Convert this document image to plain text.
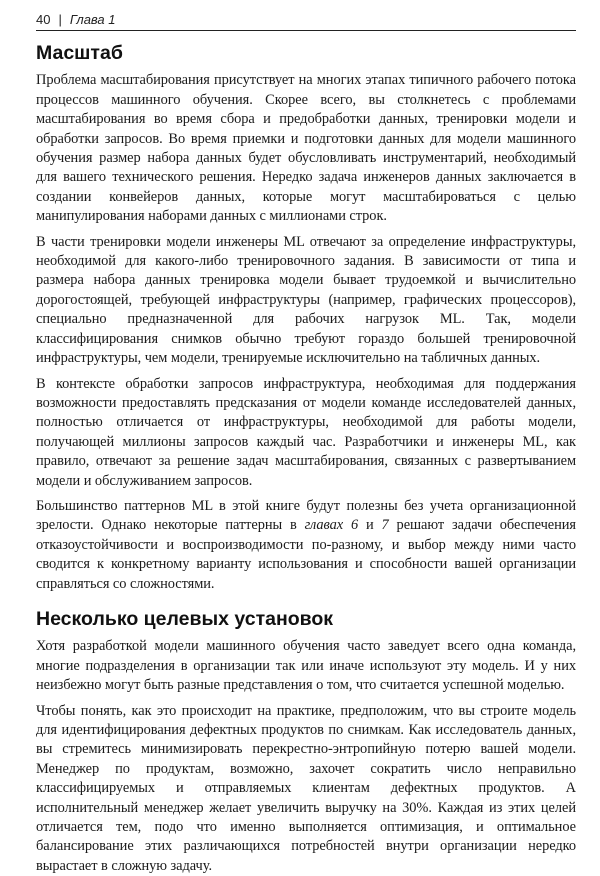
40 | Глава 1
Масштаб

Проблема масштабирования присутствует на многих этапах типичного рабочего потока процессов машинного обучения. Скорее всего, вы столкнетесь с проблемами масштабирования во время сбора и предобработки данных, тренировки модели и обработки запросов. Во время приемки и подготовки данных для модели машинного обучения размер набора данных будет обусловливать инструментарий, необходимый для вашего технического решения. Нередко задача инженеров данных заключается в создании конвейеров данных, которые могут масштабироваться с целью манипулирования наборами данных с миллионами строк.

В части тренировки модели инженеры ML отвечают за определение инфраструктуры, необходимой для какого-либо тренировочного задания. В зависимости от типа и размера набора данных тренировка модели бывает трудоемкой и вычислительно дорогостоящей, требующей инфраструктуры (например, графических процессоров), специально предназначенной для рабочих нагрузок ML. Так, модели классифицирования снимков обычно требуют гораздо большей тренировочной инфраструктуры, чем модели, тренируемые исключительно на табличных данных.

В контексте обработки запросов инфраструктура, необходимая для поддержания возможности предоставлять предсказания от модели команде исследователей данных, полностью отличается от инфраструктуры, необходимой для работы модели, получающей миллионы запросов каждый час. Разработчики и инженеры ML, как правило, отвечают за решение задач масштабирования, связанных с развертыванием модели и обслуживанием запросов.

Большинство паттернов ML в этой книге будут полезны без учета организационной зрелости. Однако некоторые паттерны в главах 6 и 7 решают задачи обеспечения отказоустойчивости и воспроизводимости по-разному, и выбор между ними часто сводится к конкретному варианту использования и способности вашей организации справляться со сложностями.

Несколько целевых установок

Хотя разработкой модели машинного обучения часто заведует всего одна команда, многие подразделения в организации так или иначе используют эту модель. И у них неизбежно могут быть разные представления о том, что считается успешной моделью.

Чтобы понять, как это происходит на практике, предположим, что вы строите модель для идентифицирования дефектных продуктов по снимкам. Как исследователь данных, вы стремитесь минимизировать перекрестно-энтропийную потерю вашей модели. Менеджер по продуктам, возможно, захочет сократить число неправильно классифицируемых и отправляемых клиентам дефектных продуктов. А исполнительный менеджер желает увеличить выручку на 30%. Каждая из этих целей отличается тем, подо что именно выполняется оптимизация, и оптимальное балансирование этих различающихся потребностей внутри организации нередко вырастает в сложную задачу.
